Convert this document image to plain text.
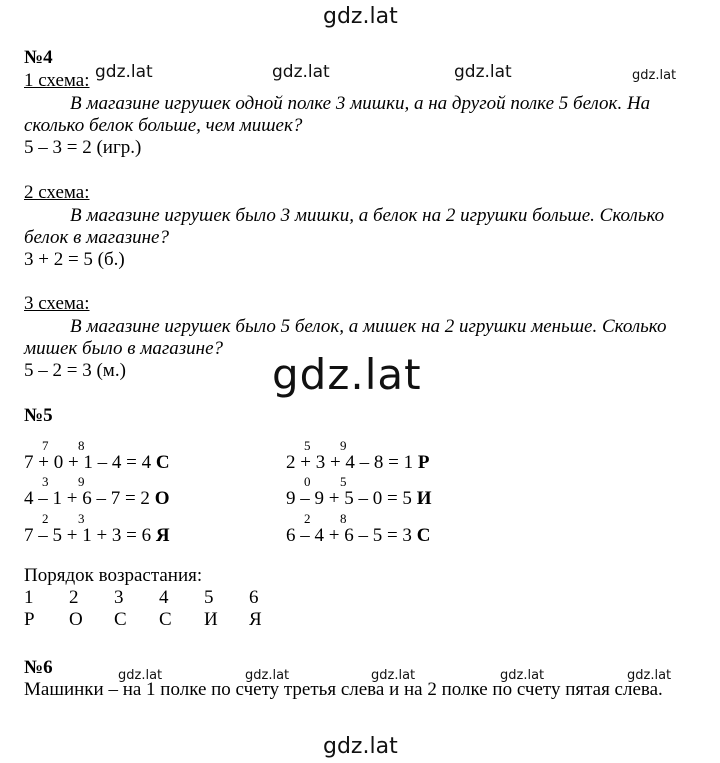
gdz.lat
gdz.lat	gdz.lat	gdz.lat	gdz.lat
gdz.lat
gdz.lat	gdz.lat	gdz.lat	gdz.lat	gdz.lat
gdz.lat
№4
1 схема:
В магазине игрушек одной полке 3 мишки, а на другой полке 5 белок. На
сколько белок больше, чем мишек?
5 – 3 = 2 (игр.)
2 схема:
В магазине игрушек было 3 мишки, а белок на 2 игрушки больше. Сколько
белок в магазине?
3 + 2 = 5 (б.)
3 схема:
В магазине игрушек было 5 белок, а мишек на 2 игрушки меньше. Сколько
мишек было в магазине?
5 – 2 = 3 (м.)
№5
7 8
7 + 0 + 1 – 4 = 4 С
3 9
4 – 1 + 6 – 7 = 2 О
2 3
7 – 5 + 1 + 3 = 6 Я
5 9
2 + 3 + 4 – 8 = 1 Р
0 5
9 – 9 + 5 – 0 = 5 И
2 8
6 – 4 + 6 – 5 = 3 С
Порядок возрастания:
1 2 3 4 5 6
Р О С С И Я
№6
Машинки – на 1 полке по счету третья слева и на 2 полке по счету пятая слева.
